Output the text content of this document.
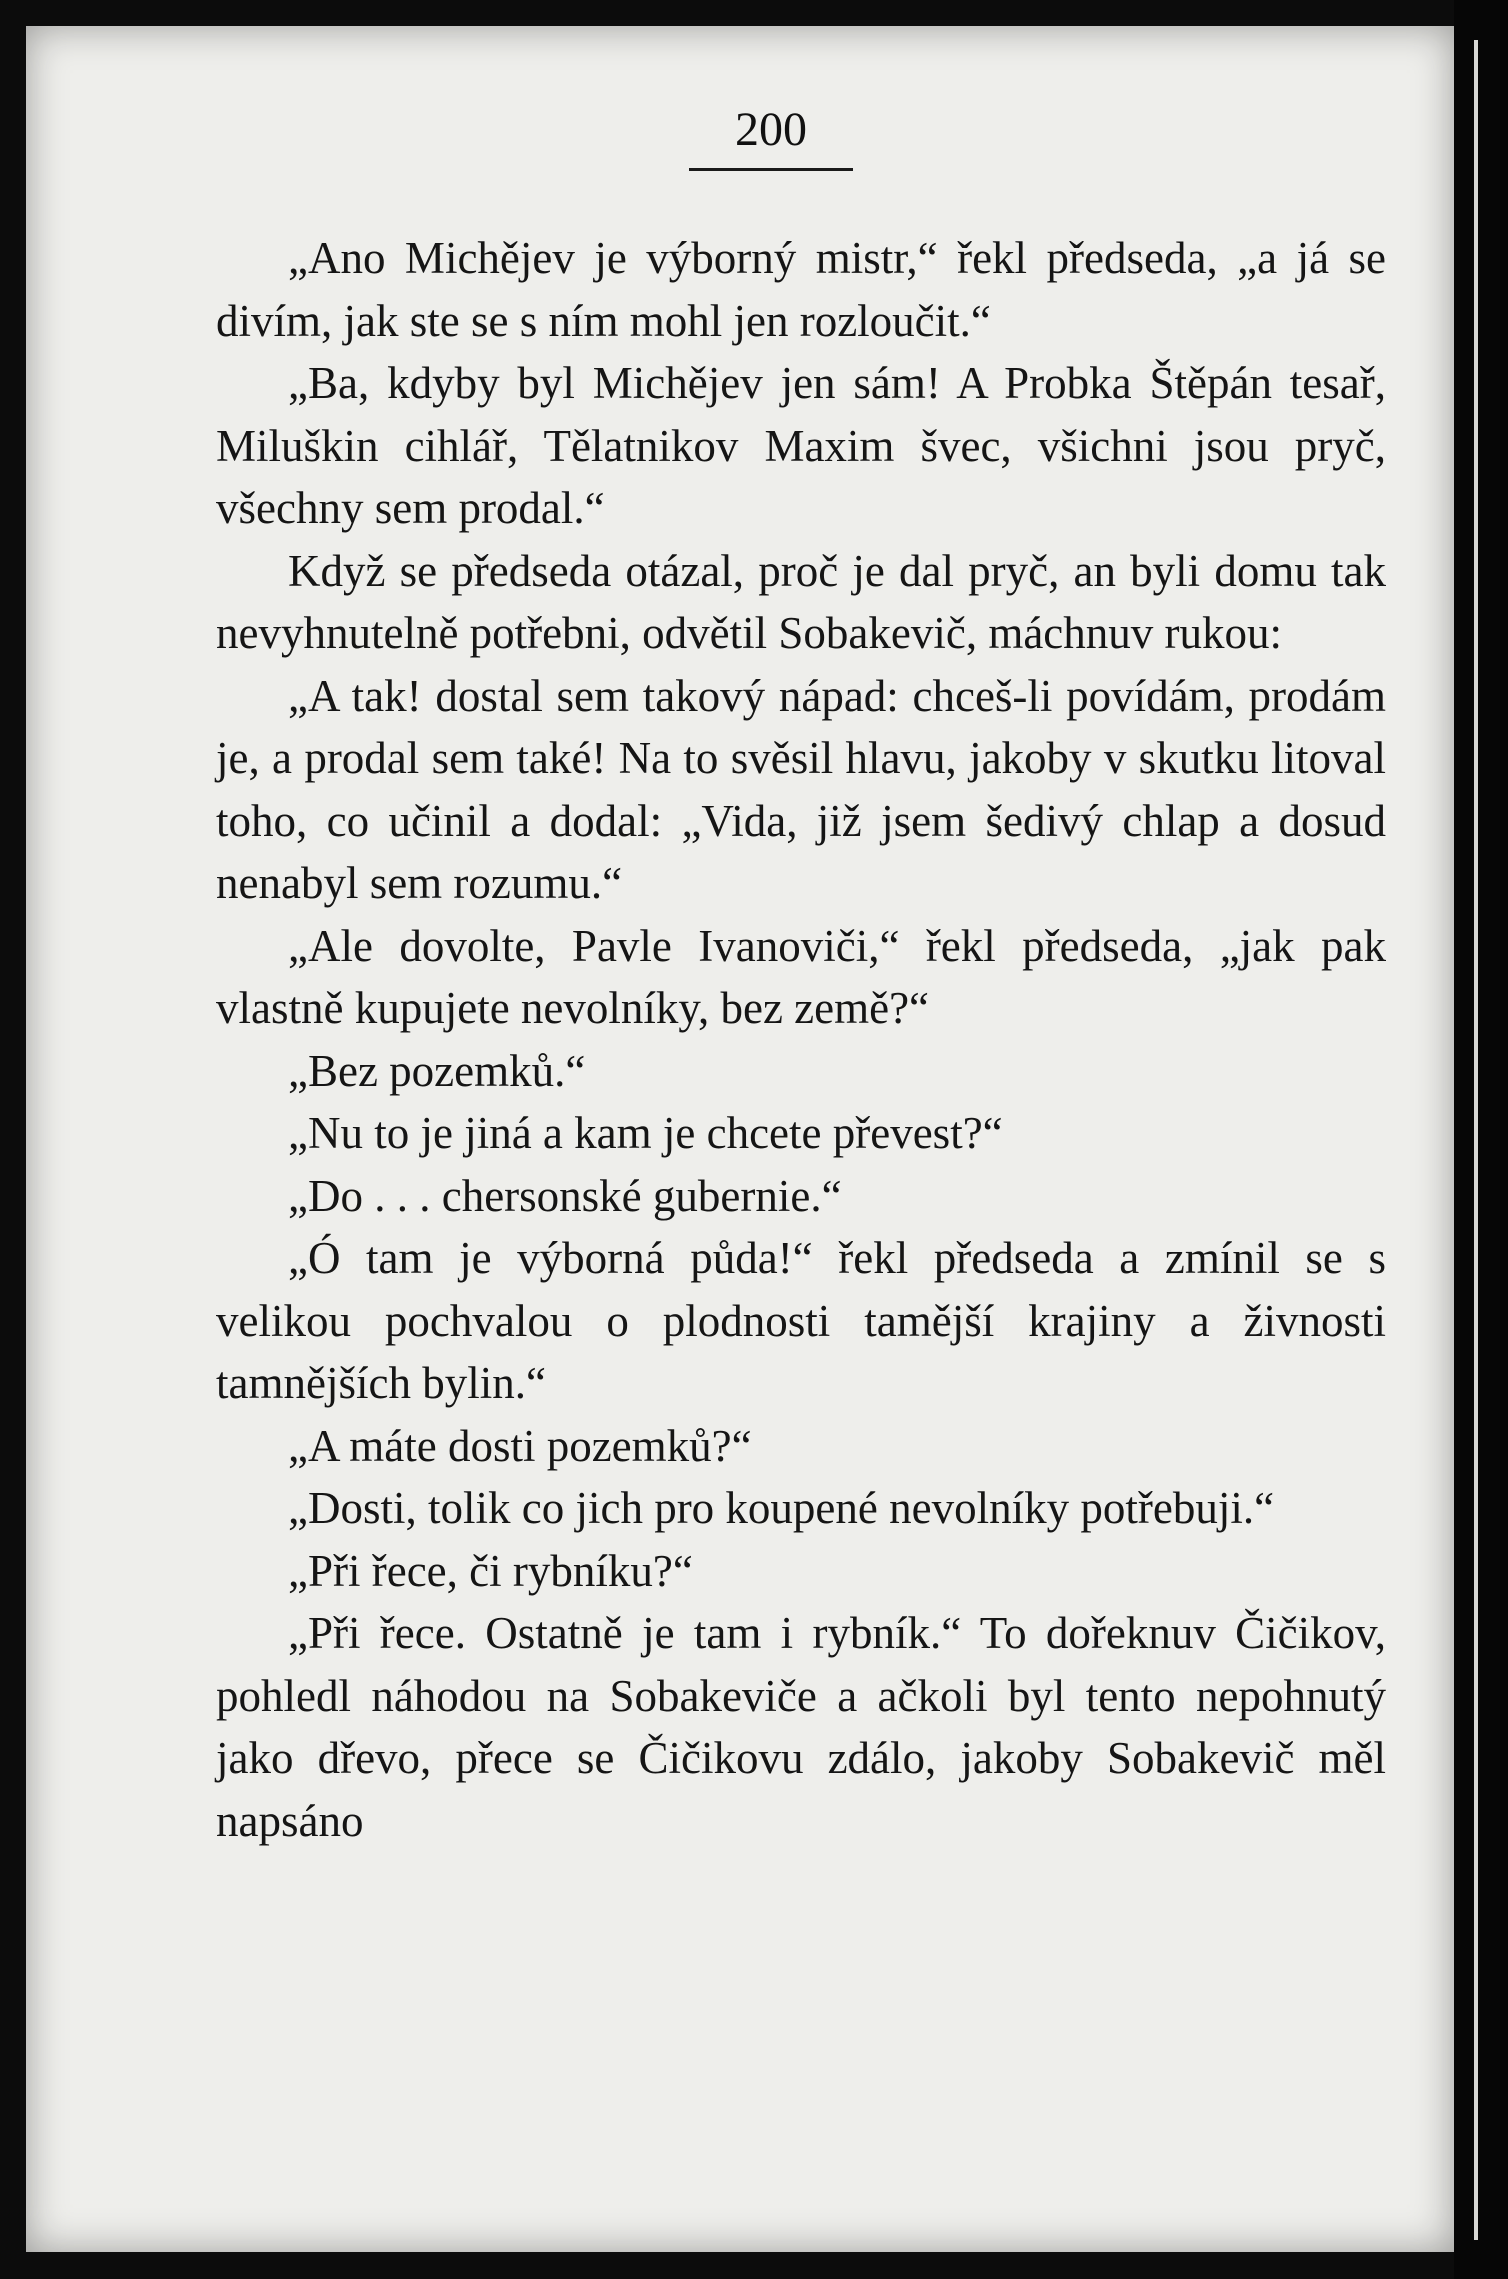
200

„Ano Michějev je výborný mistr,“ řekl předseda, „a já se divím, jak ste se s ním mohl jen rozloučit.“

„Ba, kdyby byl Michějev jen sám! A Probka Štěpán tesař, Miluškin cihlář, Tělatnikov Maxim švec, všichni jsou pryč, všechny sem prodal.“

Když se předseda otázal, proč je dal pryč, an byli domu tak nevyhnutelně potřebni, odvětil Sobakevič, máchnuv rukou:

„A tak! dostal sem takový nápad: chceš-li povídám, prodám je, a prodal sem také! Na to svěsil hlavu, jakoby v skutku litoval toho, co učinil a dodal: „Vida, již jsem šedivý chlap a dosud nenabyl sem rozumu.“

„Ale dovolte, Pavle Ivanoviči,“ řekl předseda, „jak pak vlastně kupujete nevolníky, bez země?“

„Bez pozemků.“

„Nu to je jiná a kam je chcete převest?“

„Do . . . chersonské gubernie.“

„Ó tam je výborná půda!“ řekl předseda a zmínil se s velikou pochvalou o plodnosti tamější krajiny a živnosti tamnějších bylin.“

„A máte dosti pozemků?“

„Dosti, tolik co jich pro koupené nevolníky potřebuji.“

„Při řece, či rybníku?“

„Při řece. Ostatně je tam i rybník.“ To dořeknuv Čičikov, pohledl náhodou na Sobakeviče a ačkoli byl tento nepohnutý jako dřevo, přece se Čičikovu zdálo, jakoby Sobakevič měl napsáno
